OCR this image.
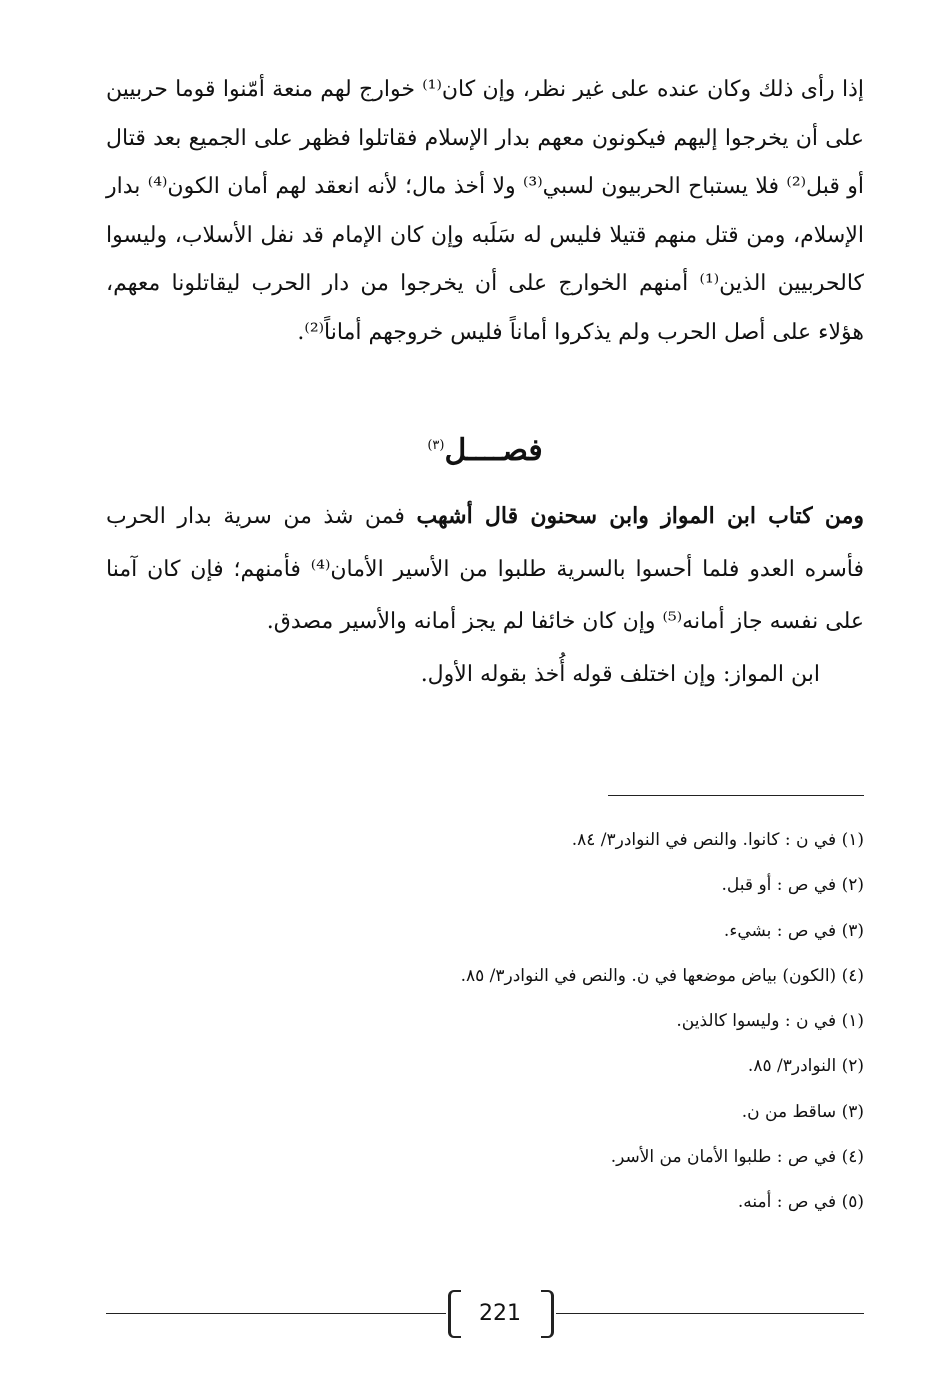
إذا رأى ذلك وكان عنده على غير نظر، وإن كان⁽¹⁾ خوارج لهم منعة أمّنوا قوما حربيين على أن يخرجوا إليهم فيكونون معهم بدار الإسلام فقاتلوا فظهر على الجميع بعد قتال أو قبل⁽²⁾ فلا يستباح الحربيون لسبي⁽³⁾ ولا أخذ مال؛ لأنه انعقد لهم أمان الكون⁽⁴⁾ بدار الإسلام، ومن قتل منهم قتيلا فليس له سَلَبه وإن كان الإمام قد نفل الأسلاب، وليسوا كالحربيين الذين⁽¹⁾ أمنهم الخوارج على أن يخرجوا من دار الحرب ليقاتلونا معهم، هؤلاء على أصل الحرب ولم يذكروا أماناً فليس خروجهم أماناً⁽²⁾.

فصــــل$^{(٣)}$

ومن كتاب ابن المواز وابن سحنون قال أشهب فمن شذ من سرية بدار الحرب فأسره العدو فلما أحسوا بالسرية طلبوا من الأسير الأمان⁽⁴⁾ فأمنهم؛ فإن كان آمنا على نفسه جاز أمانه⁽⁵⁾ وإن كان خائفا لم يجز أمانه والأسير مصدق.

ابن المواز: وإن اختلف قوله أُخذ بقوله الأول.

(١) في ن : كانوا. والنص في النوادر٣/ ٨٤.
(٢) في ص : أو قبل.
(٣) في ص : بشيء.
(٤) (الكون) بياض موضعها في ن. والنص في النوادر٣/ ٨٥.
(١) في ن : وليسوا كالذين.
(٢) النوادر٣/ ٨٥.
(٣) ساقط من ن.
(٤) في ص : طلبوا الأمان من الأسر.
(٥) في ص : أمنه.
221
